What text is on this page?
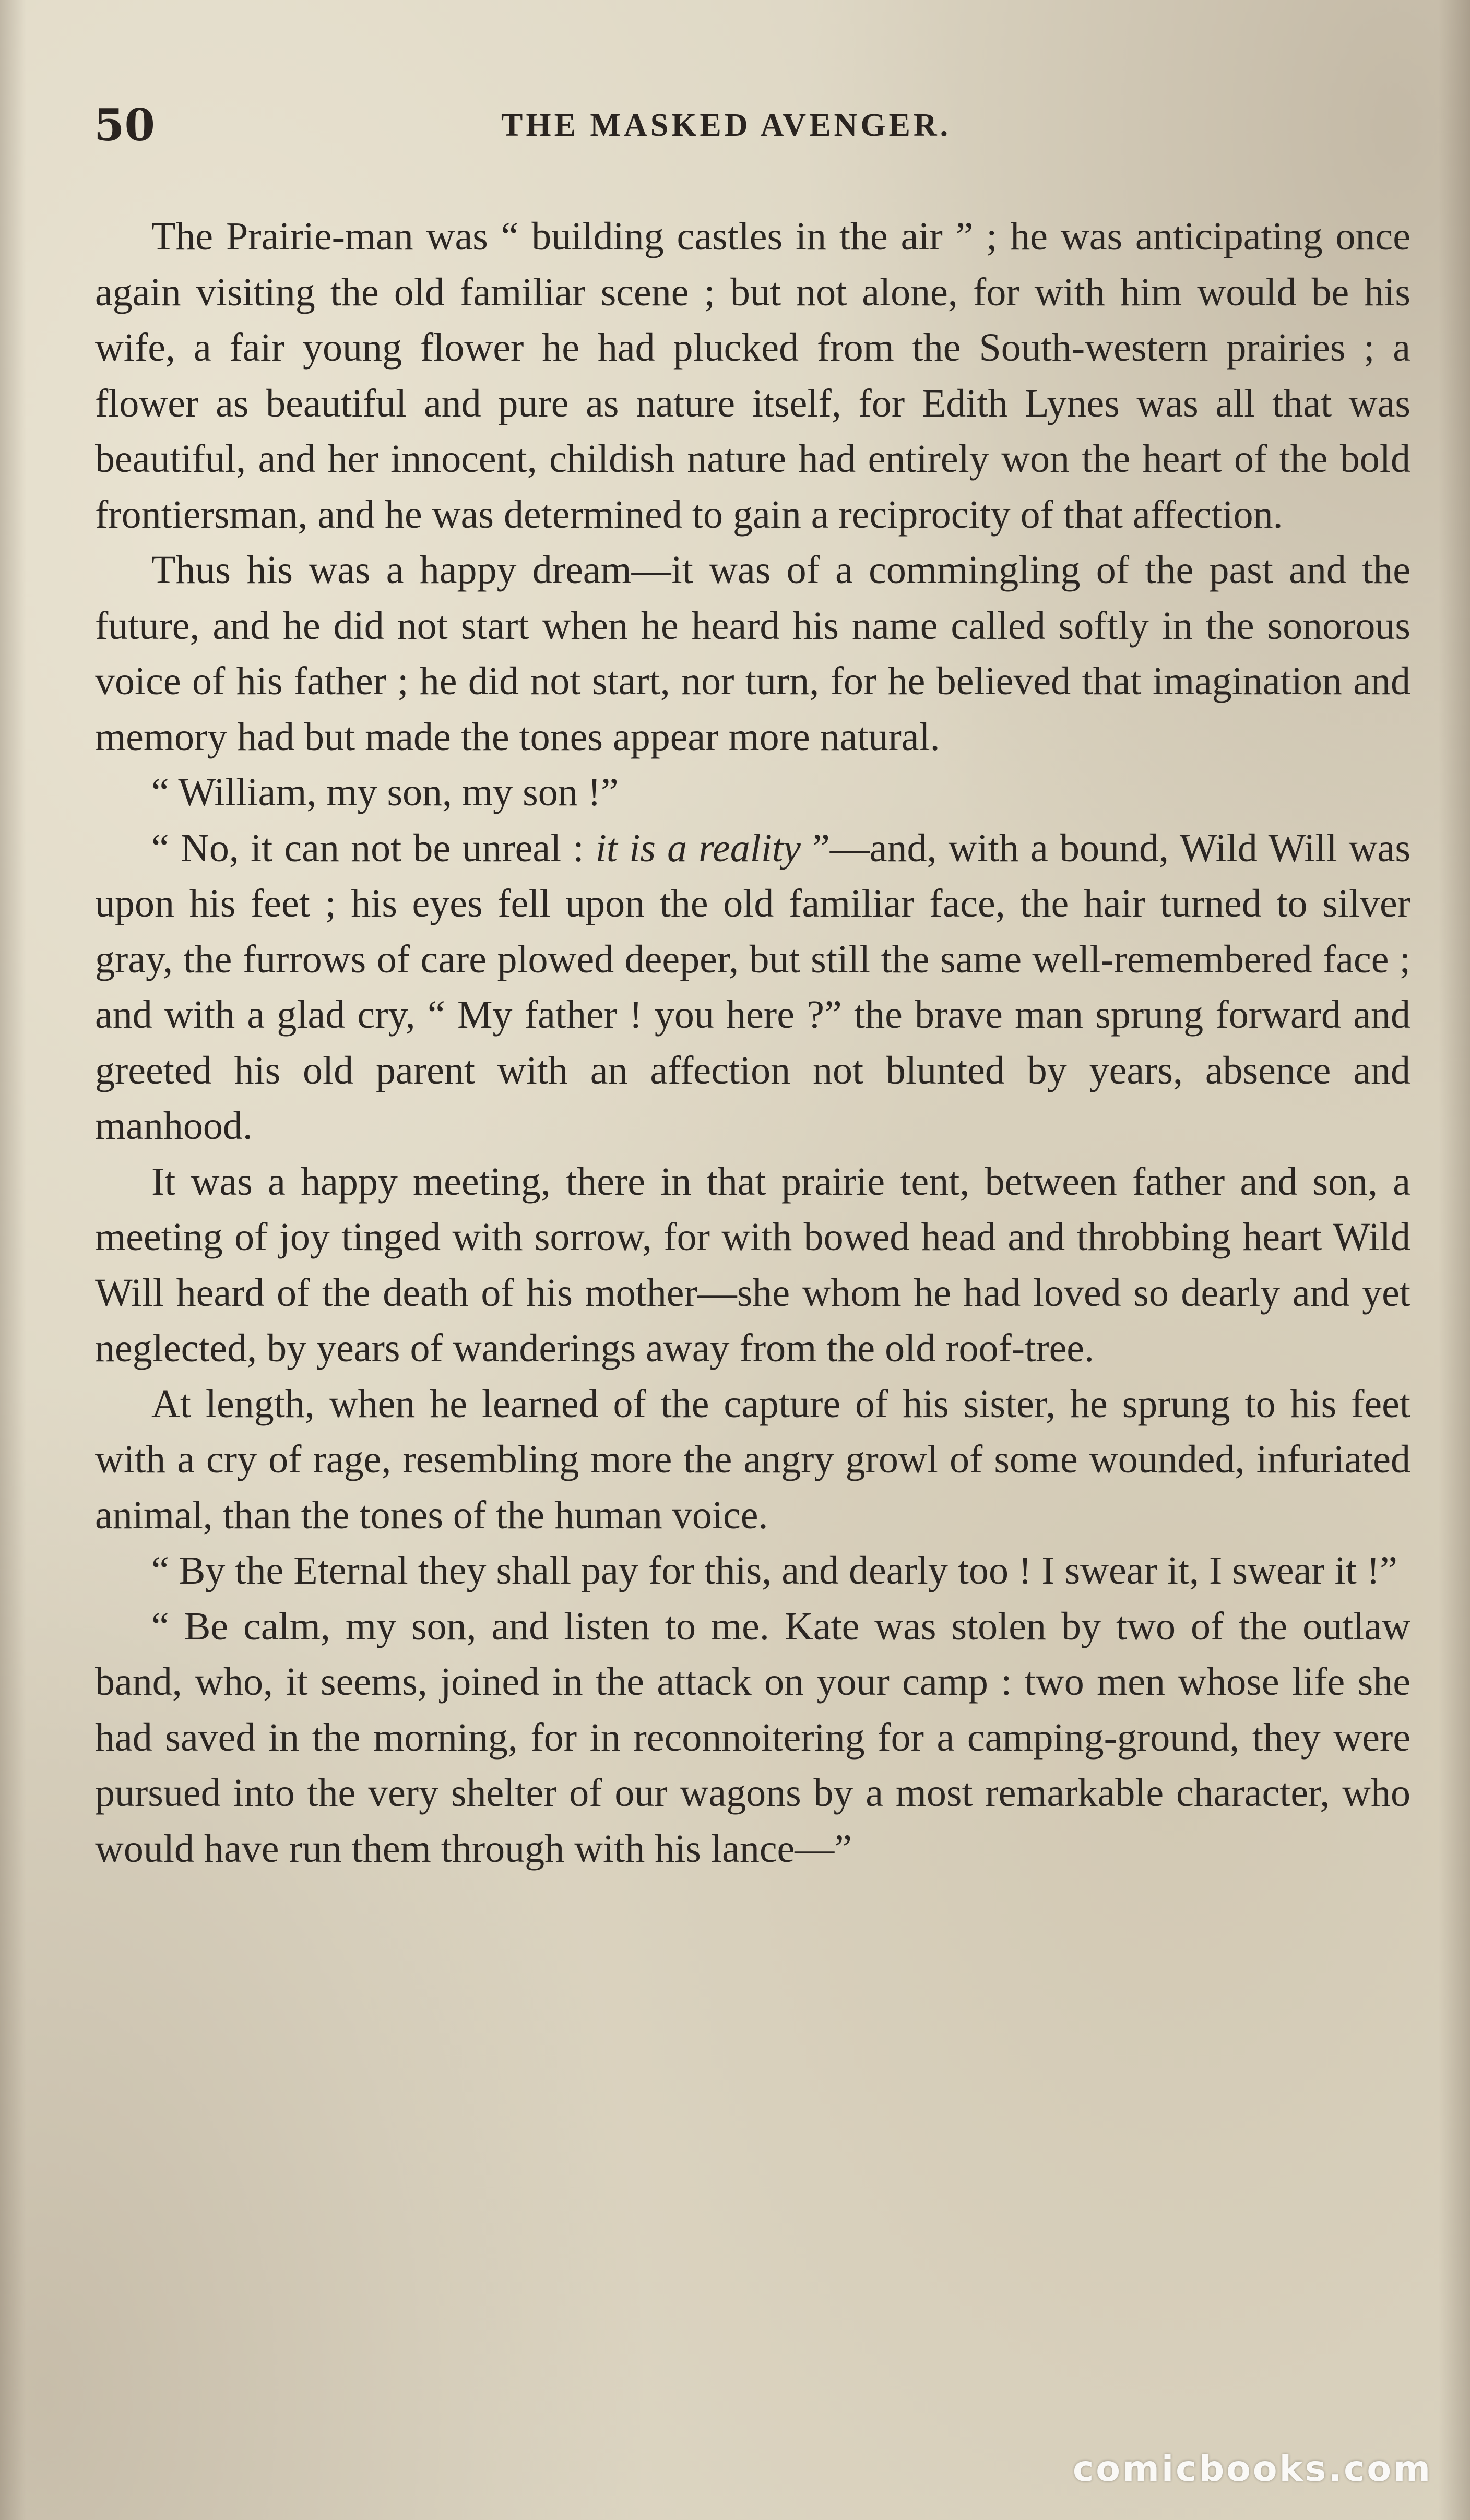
50	THE MASKED AVENGER.

The Prairie-man was “ building castles in the air ” ; he was anticipating once again visiting the old familiar scene ; but not alone, for with him would be his wife, a fair young flower he had plucked from the South-western prairies ; a flower as beautiful and pure as nature itself, for Edith Lynes was all that was beautiful, and her innocent, childish nature had entirely won the heart of the bold frontiersman, and he was determined to gain a reciprocity of that affection.

Thus his was a happy dream—it was of a commingling of the past and the future, and he did not start when he heard his name called softly in the sonorous voice of his father ; he did not start, nor turn, for he believed that imagination and memory had but made the tones appear more natural.

“ William, my son, my son !”

“ No, it can not be unreal : it is a reality ”—and, with a bound, Wild Will was upon his feet ; his eyes fell upon the old familiar face, the hair turned to silver gray, the furrows of care plowed deeper, but still the same well-remembered face ; and with a glad cry, “ My father ! you here ?” the brave man sprung forward and greeted his old parent with an affection not blunted by years, absence and manhood.

It was a happy meeting, there in that prairie tent, between father and son, a meeting of joy tinged with sorrow, for with bowed head and throbbing heart Wild Will heard of the death of his mother—she whom he had loved so dearly and yet neglected, by years of wanderings away from the old roof-tree.

At length, when he learned of the capture of his sister, he sprung to his feet with a cry of rage, resembling more the angry growl of some wounded, infuriated animal, than the tones of the human voice.

“ By the Eternal they shall pay for this, and dearly too ! I swear it, I swear it !”

“ Be calm, my son, and listen to me. Kate was stolen by two of the outlaw band, who, it seems, joined in the attack on your camp : two men whose life she had saved in the morning, for in reconnoitering for a camping-ground, they were pursued into the very shelter of our wagons by a most remarkable character, who would have run them through with his lance—”

comicbooks.com
